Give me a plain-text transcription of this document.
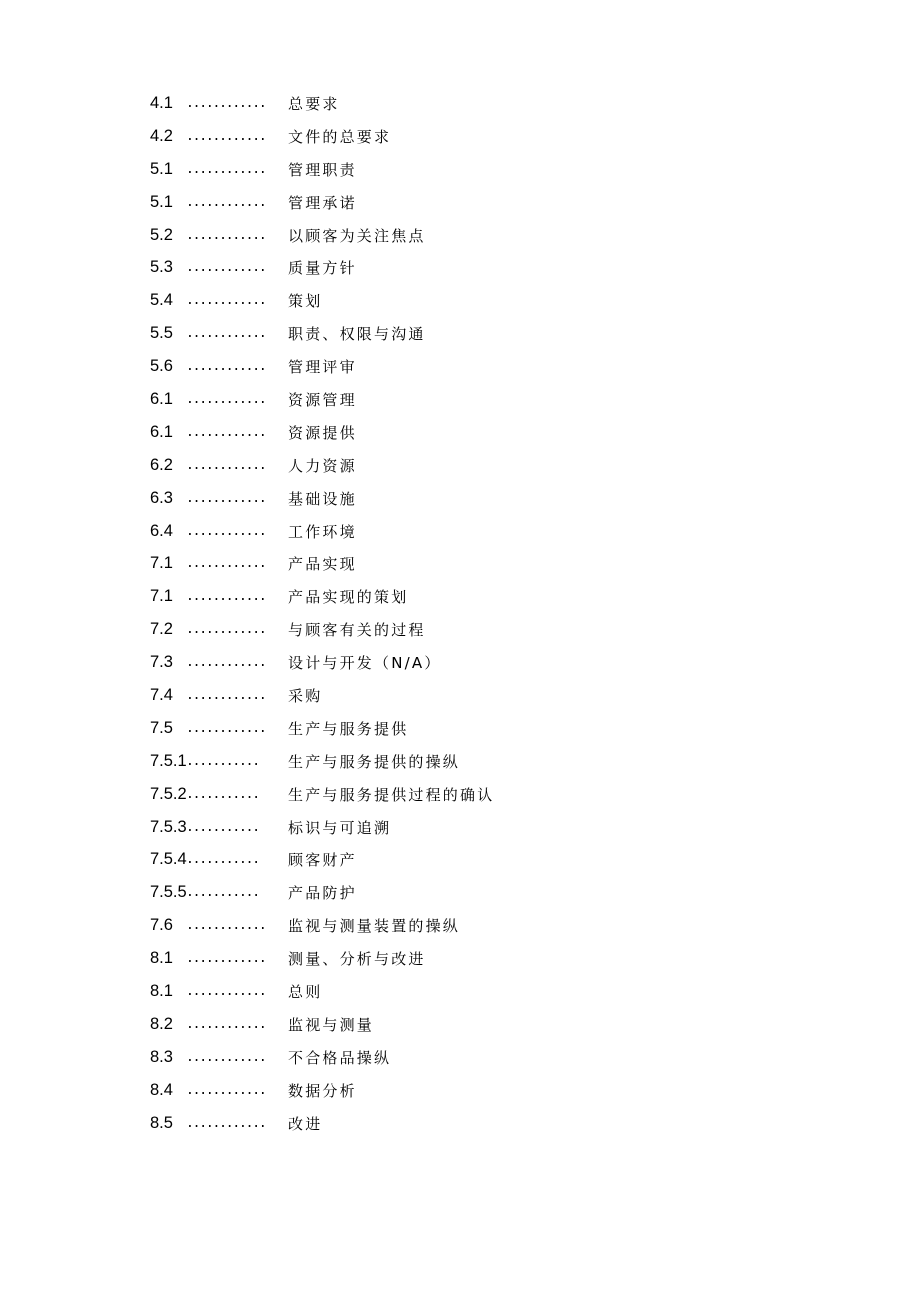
4.1	............	总要求
4.2	............	文件的总要求
5.1	............	管理职责
5.1	............	管理承诺
5.2	............	以顾客为关注焦点
5.3	............	质量方针
5.4	............	策划
5.5	............	职责、权限与沟通
5.6	............	管理评审
6.1	............	资源管理
6.1	............	资源提供
6.2	............	人力资源
6.3	............	基础设施
6.4	............	工作环境
7.1	............	产品实现
7.1	............	产品实现的策划
7.2	............	与顾客有关的过程
7.3	............	设计与开发（N/A）
7.4	............	采购
7.5	............	生产与服务提供
7.5.1 ...........	生产与服务提供的操纵
7.5.2 ...........	生产与服务提供过程的确认
7.5.3 ...........	标识与可追溯
7.5.4 ...........	顾客财产
7.5.5 ...........	产品防护
7.6	............	监视与测量装置的操纵
8.1	............	测量、分析与改进
8.1	............	总则
8.2	............	监视与测量
8.3	............	不合格品操纵
8.4	............	数据分析
8.5	............	改进
